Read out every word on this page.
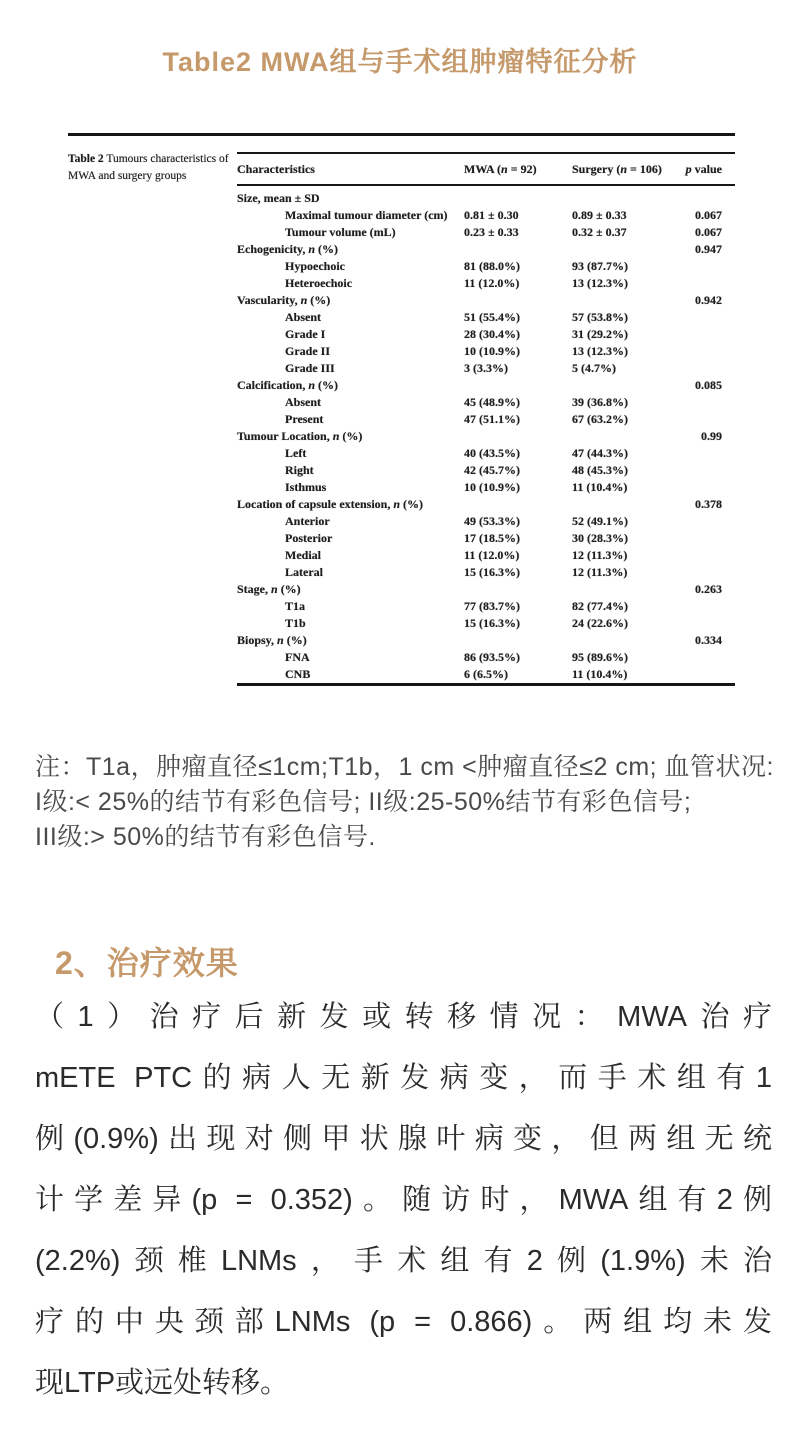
Table2 MWA组与手术组肿瘤特征分析
Table 2 Tumours characteristics of MWA and surgery groups
Characteristics	MWA (n = 92)	Surgery (n = 106)	p value
Size, mean ± SD			
Maximal tumour diameter (cm)	0.81 ± 0.30	0.89 ± 0.33	0.067
Tumour volume (mL)	0.23 ± 0.33	0.32 ± 0.37	0.067
Echogenicity, n (%)			0.947
Hypoechoic	81 (88.0%)	93 (87.7%)	
Heteroechoic	11 (12.0%)	13 (12.3%)	
Vascularity, n (%)			0.942
Absent	51 (55.4%)	57 (53.8%)	
Grade I	28 (30.4%)	31 (29.2%)	
Grade II	10 (10.9%)	13 (12.3%)	
Grade III	3 (3.3%)	5 (4.7%)	
Calcification, n (%)			0.085
Absent	45 (48.9%)	39 (36.8%)	
Present	47 (51.1%)	67 (63.2%)	
Tumour Location, n (%)			0.99
Left	40 (43.5%)	47 (44.3%)	
Right	42 (45.7%)	48 (45.3%)	
Isthmus	10 (10.9%)	11 (10.4%)	
Location of capsule extension, n (%)			0.378
Anterior	49 (53.3%)	52 (49.1%)	
Posterior	17 (18.5%)	30 (28.3%)	
Medial	11 (12.0%)	12 (11.3%)	
Lateral	15 (16.3%)	12 (11.3%)	
Stage, n (%)			0.263
T1a	77 (83.7%)	82 (77.4%)	
T1b	15 (16.3%)	24 (22.6%)	
Biopsy, n (%)			0.334
FNA	86 (93.5%)	95 (89.6%)	
CNB	6 (6.5%)	11 (10.4%)	
注：T1a，肿瘤直径≤1cm;T1b，1 cm <肿瘤直径≤2 cm; 血管状况:
I级:< 25%的结节有彩色信号; II级:25-50%结节有彩色信号;
III级:> 50%的结节有彩色信号.
2、治疗效果
（1）治疗后新发或转移情况：MWA治疗
mETE PTC的病人无新发病变，而手术组有1
例(0.9%)出现对侧甲状腺叶病变，但两组无统
计学差异(p = 0.352)。随访时，MWA组有2例
(2.2%)颈椎LNMs，手术组有2例(1.9%)未治
疗的中央颈部LNMs (p = 0.866)。两组均未发
现LTP或远处转移。
